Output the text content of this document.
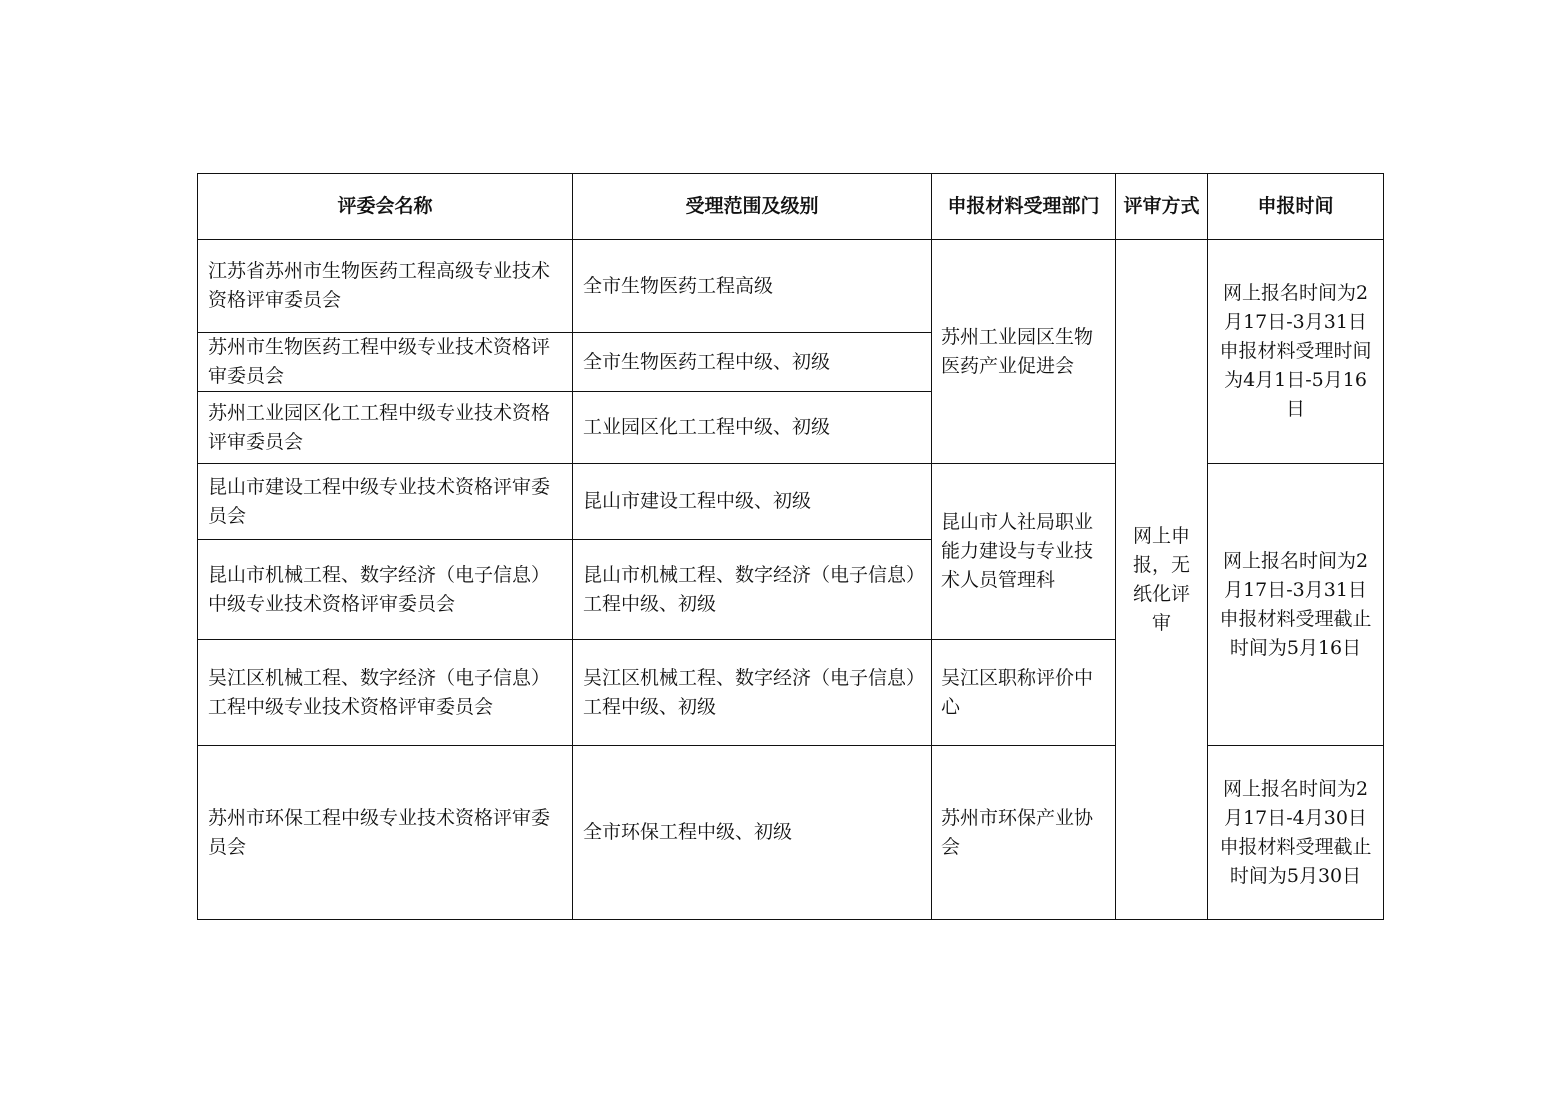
评委会名称	受理范围及级别	申报材料受理部门	评审方式	申报时间

江苏省苏州市生物医药工程高级专业技术资格评审委员会	全市生物医药工程高级	苏州工业园区生物医药产业促进会	网上申报，无纸化评审	网上报名时间为2月17日-3月31日申报材料受理时间为4月1日-5月16日

苏州市生物医药工程中级专业技术资格评审委员会	全市生物医药工程中级、初级			

苏州工业园区化工工程中级专业技术资格评审委员会	工业园区化工工程中级、初级			

昆山市建设工程中级专业技术资格评审委员会	昆山市建设工程中级、初级	昆山市人社局职业能力建设与专业技术人员管理科		网上报名时间为2月17日-3月31日申报材料受理截止时间为5月16日

昆山市机械工程、数字经济（电子信息）中级专业技术资格评审委员会	昆山市机械工程、数字经济（电子信息）工程中级、初级			

吴江区机械工程、数字经济（电子信息）工程中级专业技术资格评审委员会	吴江区机械工程、数字经济（电子信息）工程中级、初级	吴江区职称评价中心		

苏州市环保工程中级专业技术资格评审委员会	全市环保工程中级、初级	苏州市环保产业协会		网上报名时间为2月17日-4月30日申报材料受理截止时间为5月30日
